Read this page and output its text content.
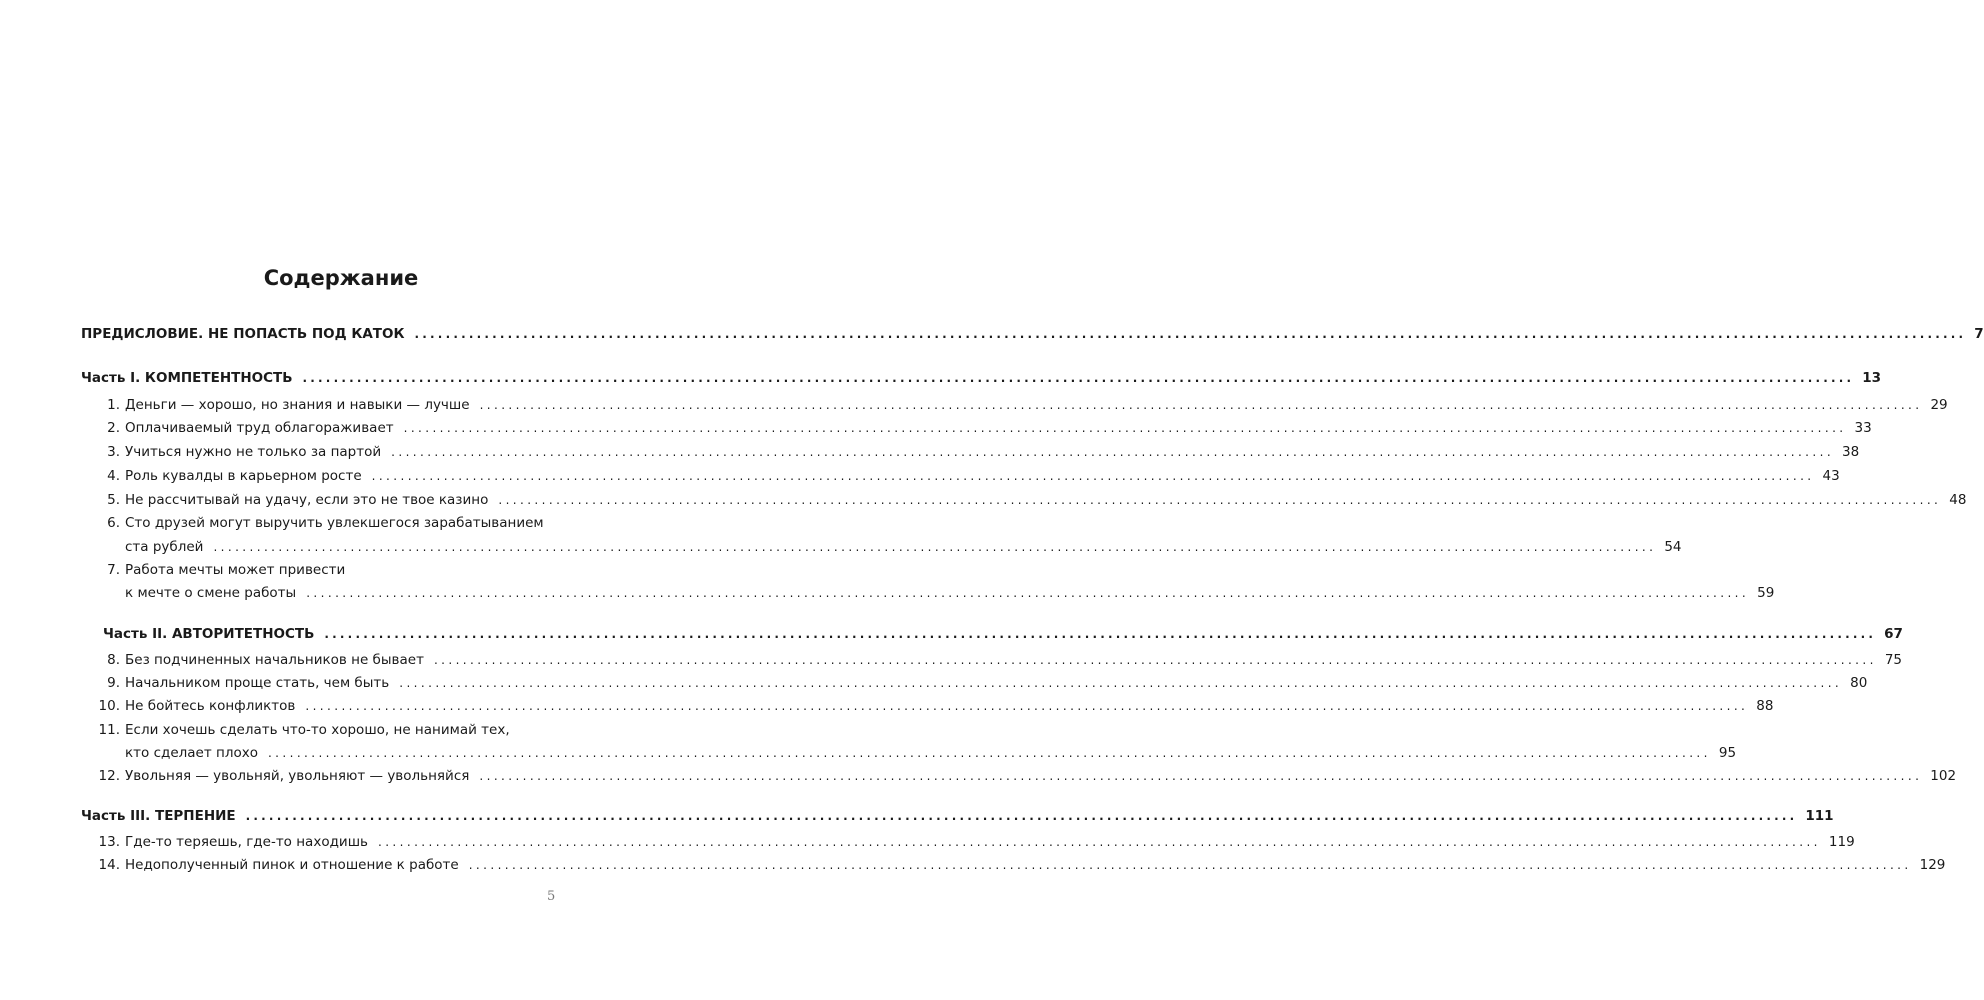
Содержание
ПРЕДИСЛОВИЕ. НЕ ПОПАСТЬ ПОД КАТОК ........................................................................................................................................................................................................ 7
Часть I. КОМПЕТЕНТНОСТЬ ........................................................................................................................................................................................................ 13
1. Деньги — хорошо, но знания и навыки — лучше ........................................................................................................................................................................................................ 29
2. Оплачиваемый труд облагораживает ........................................................................................................................................................................................................ 33
3. Учиться нужно не только за партой ........................................................................................................................................................................................................ 38
4. Роль кувалды в карьерном росте ........................................................................................................................................................................................................ 43
5. Не рассчитывай на удачу, если это не твое казино ........................................................................................................................................................................................................ 48
6. Сто друзей могут выручить увлекшегося зарабатыванием
ста рублей ........................................................................................................................................................................................................ 54
7. Работа мечты может привести
к мечте о смене работы ........................................................................................................................................................................................................ 59
Часть II. АВТОРИТЕТНОСТЬ ........................................................................................................................................................................................................ 67
8. Без подчиненных начальников не бывает ........................................................................................................................................................................................................ 75
9. Начальником проще стать, чем быть ........................................................................................................................................................................................................ 80
10. Не бойтесь конфликтов ........................................................................................................................................................................................................ 88
11. Если хочешь сделать что-то хорошо, не нанимай тех,
кто сделает плохо ........................................................................................................................................................................................................ 95
12. Увольняя — увольняй, увольняют — увольняйся ........................................................................................................................................................................................................ 102
Часть III. ТЕРПЕНИЕ ........................................................................................................................................................................................................ 111
13. Где-то теряешь, где-то находишь ........................................................................................................................................................................................................ 119
14. Недополученный пинок и отношение к работе ........................................................................................................................................................................................................ 129
5
